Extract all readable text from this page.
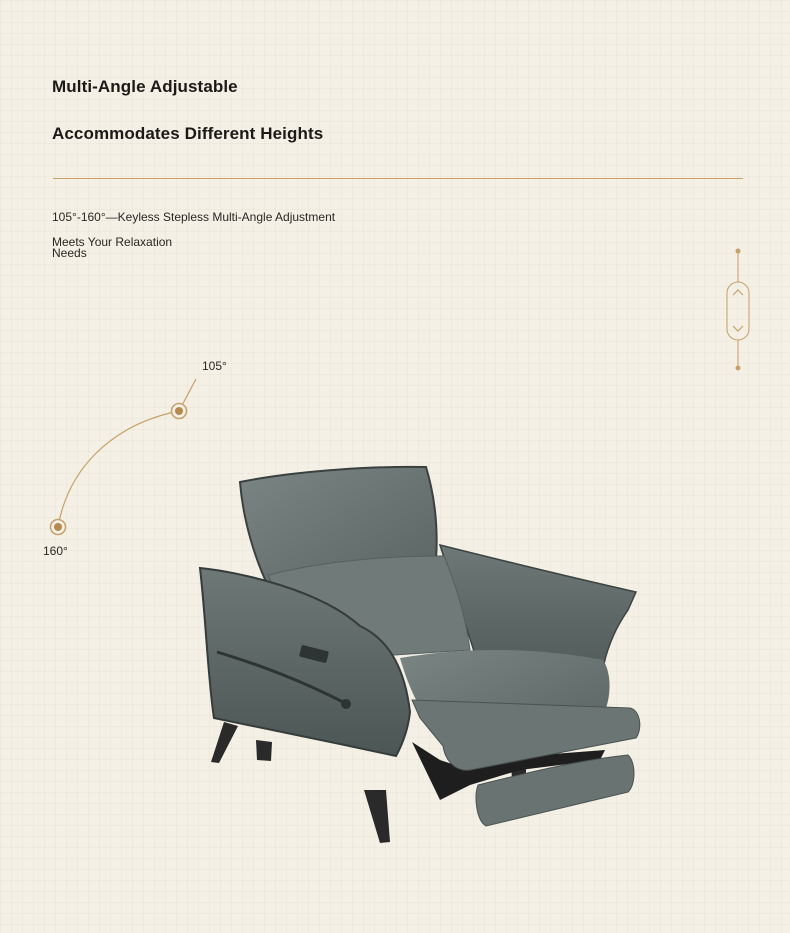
Multi-Angle Adjustable
Accommodates Different Heights

105°-160°—Keyless Stepless Multi-Angle Adjustment

Meets Your Relaxation Needs

105°

160°
